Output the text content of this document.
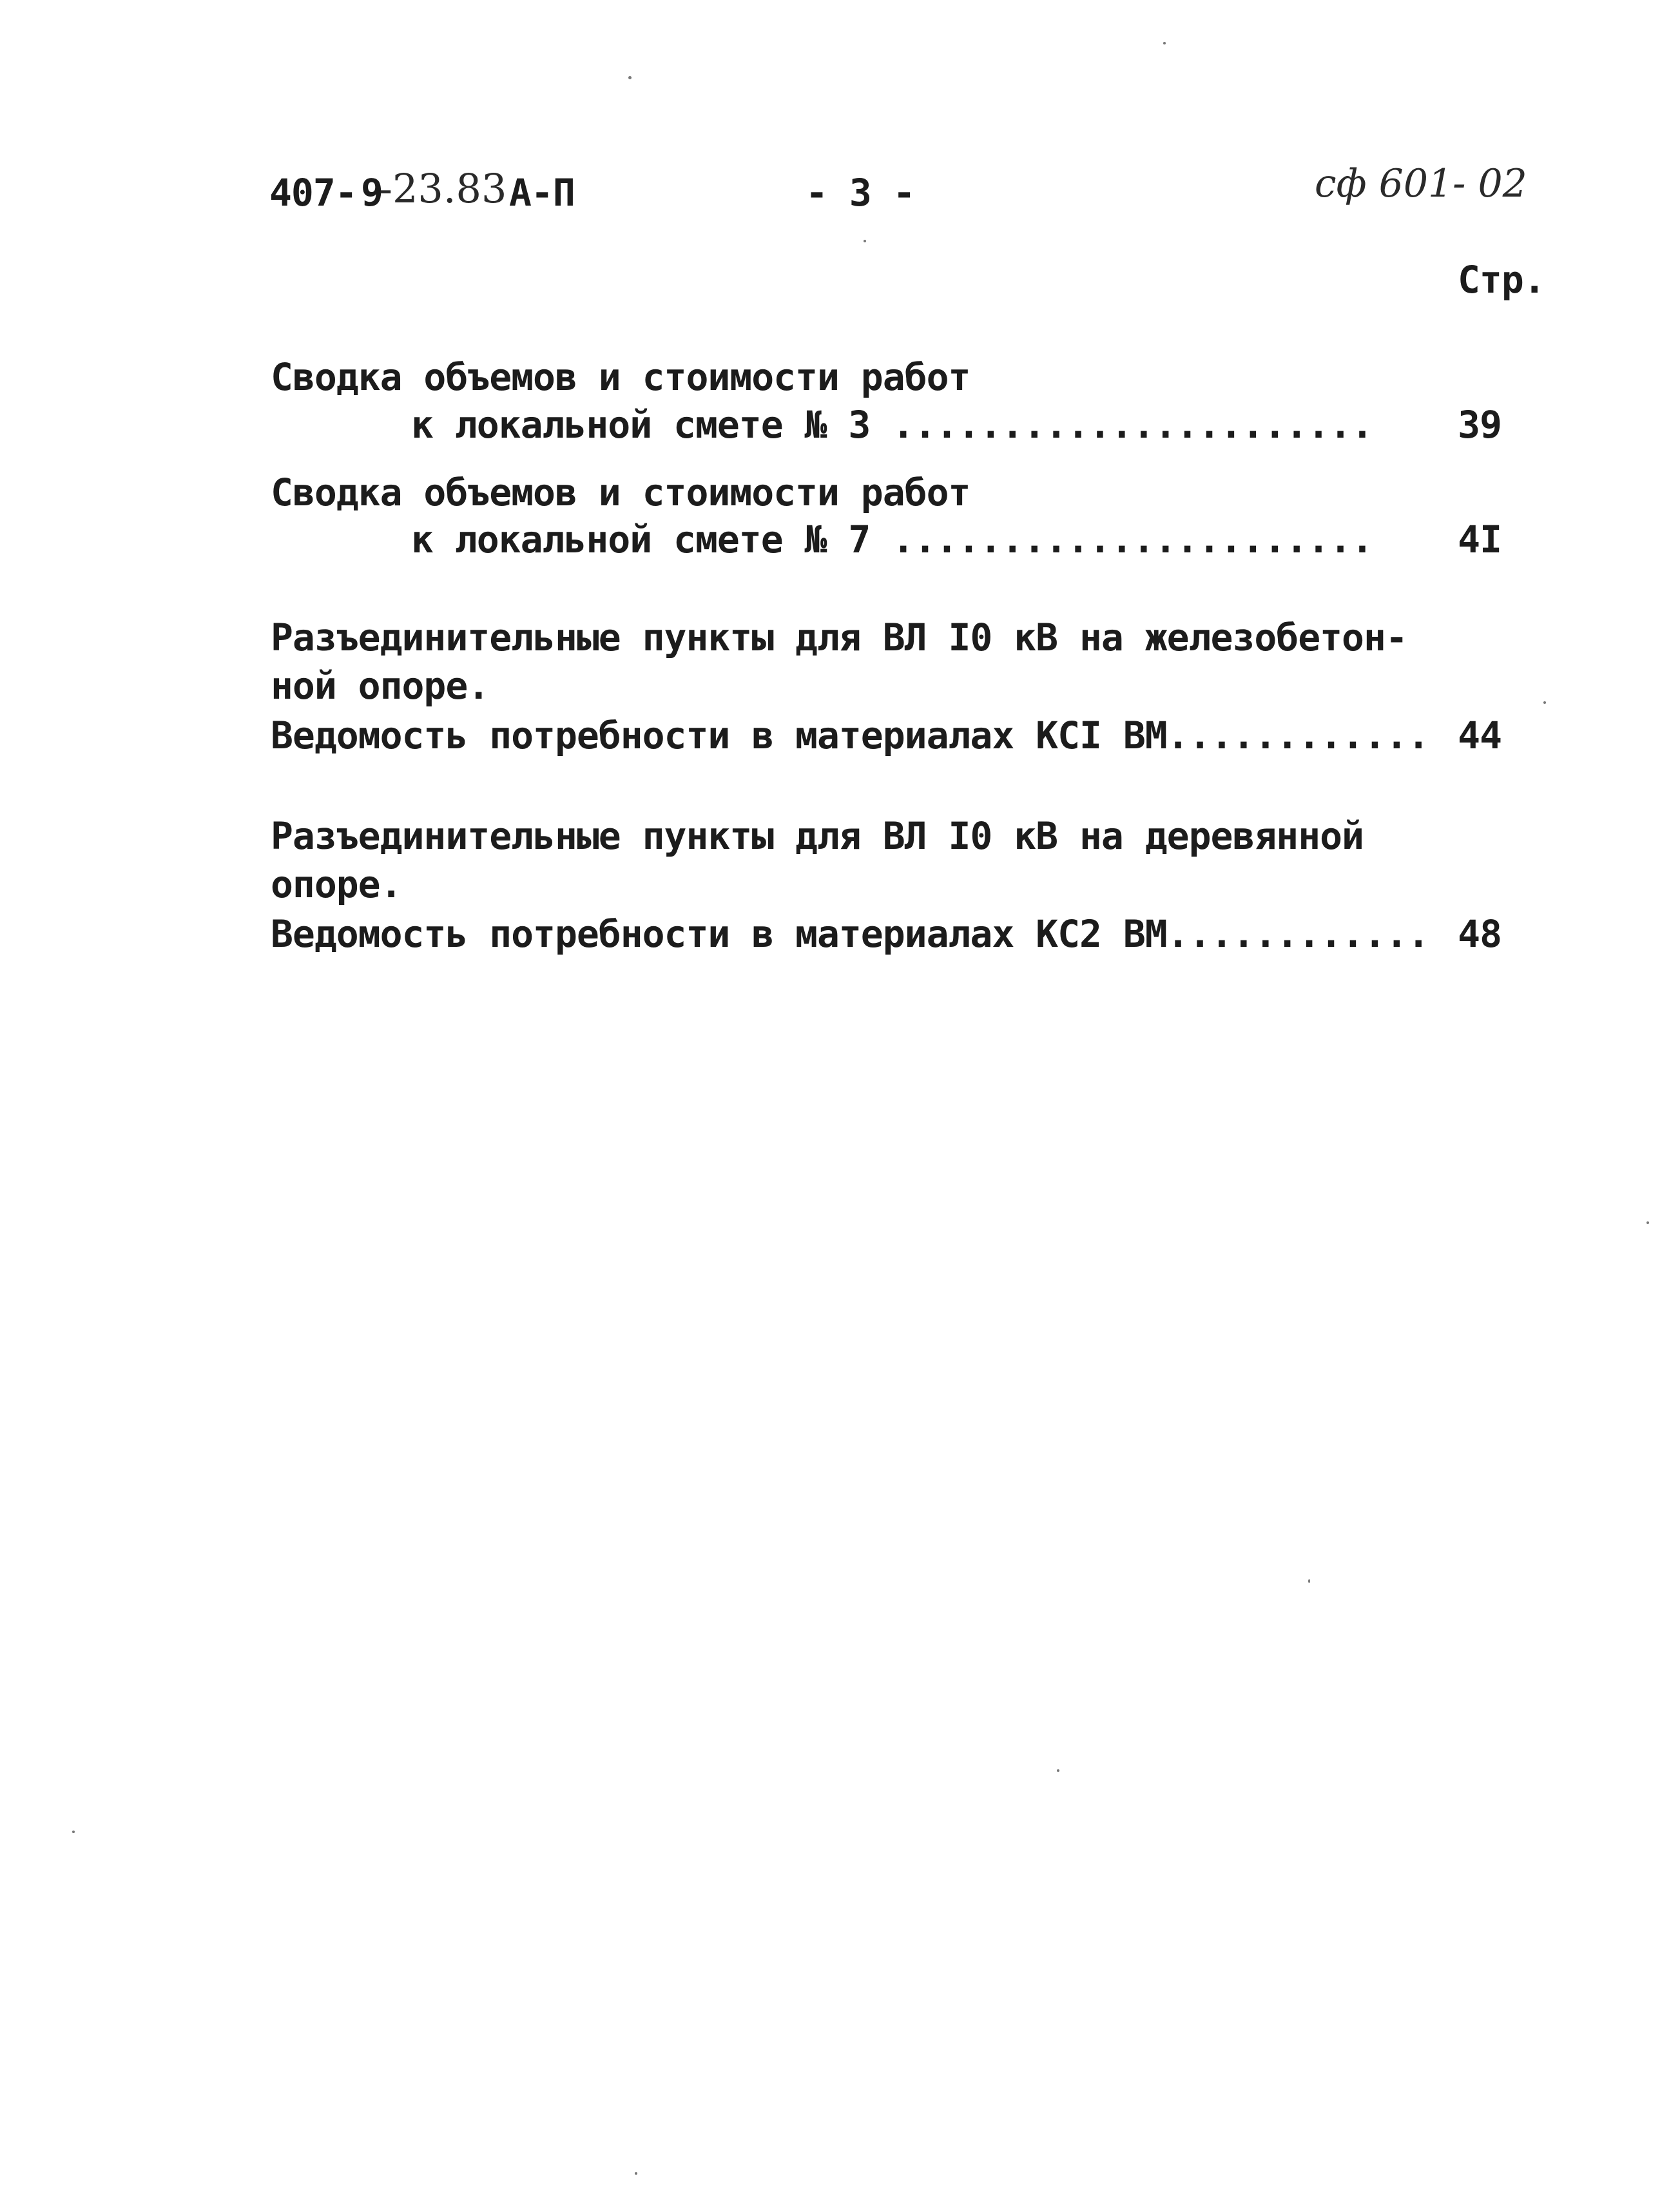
407- 9
-23.83 А-П	- 3 -	сф 601- 02
Стр.
Сводка объемов и стоимости работ
к локальной смете № 3 ......................	39
Сводка объемов и стоимости работ
к локальной смете № 7 ......................	4I
Разъединительные пункты для ВЛ I0 кВ на железобетон-
ной опоре.
Ведомость потребности в материалах КСI ВМ............ 44
Разъединительные пункты для ВЛ I0 кВ на деревянной
опоре.
Ведомость потребности в материалах КС2 ВМ............ 48
